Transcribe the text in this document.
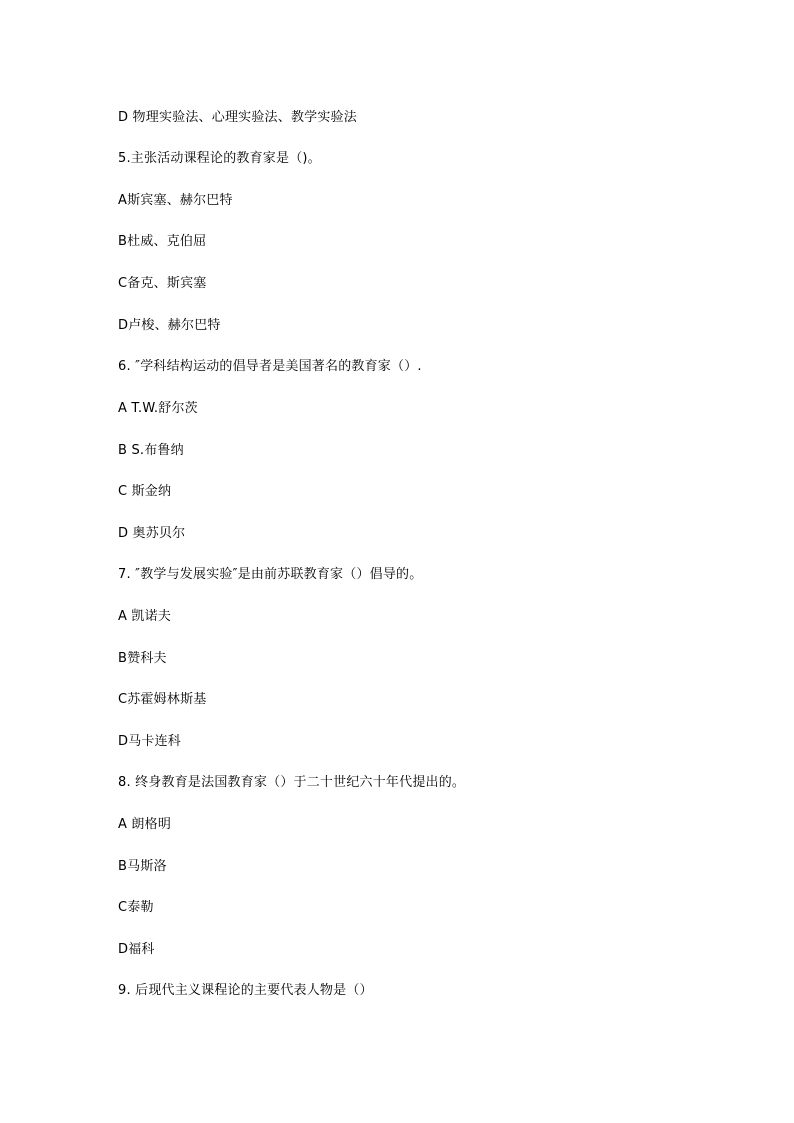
D 物理实验法、心理实验法、教学实验法
5.主张活动课程论的教育家是（)。
A斯宾塞、赫尔巴特
B杜威、克伯屈
C备克、斯宾塞
D卢梭、赫尔巴特
6. ″学科结构运动的倡导者是美国著名的教育家（）.
A T.W.舒尔茨
B S.布鲁纳
C 斯金纳
D 奥苏贝尔
7. ″教学与发展实验″是由前苏联教育家（）倡导的。
A 凯诺夫
B赞科夫
C苏霍姆林斯基
D马卡连科
8. 终身教育是法国教育家（）于二十世纪六十年代提出的。
A 朗格明
B马斯洛
C泰勒
D福科
9. 后现代主义课程论的主要代表人物是（）
